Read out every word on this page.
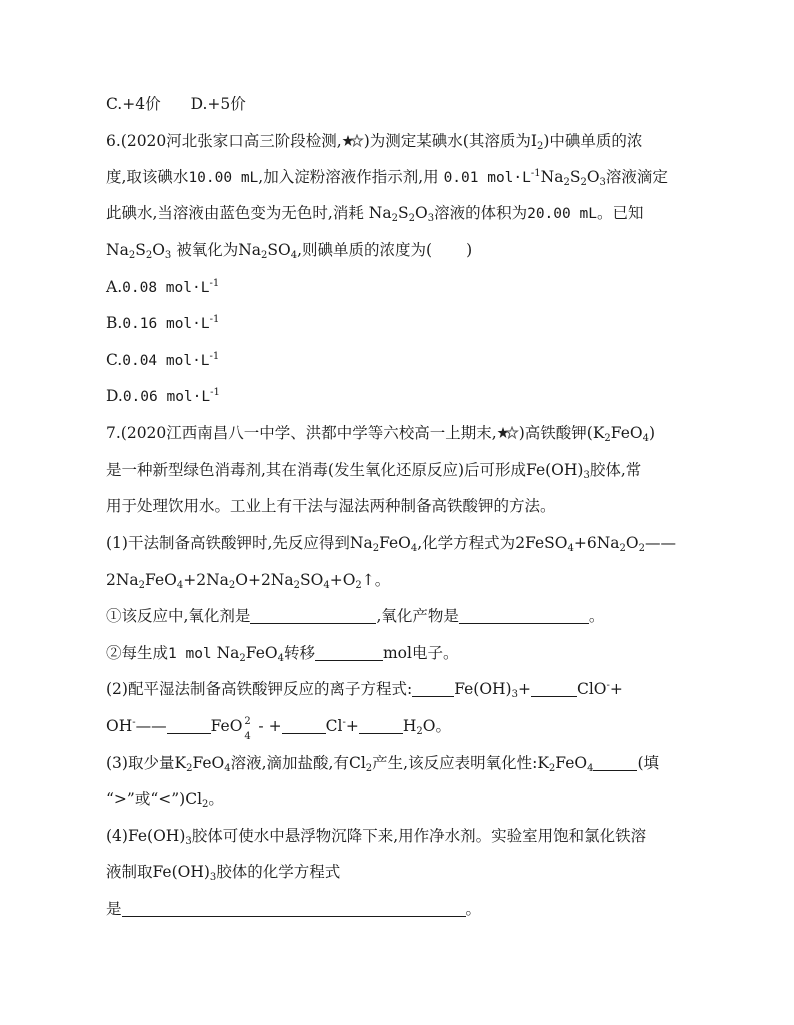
C.+4价 D.+5价
6.(2020河北张家口高三阶段检测, )为测定某碘水(其溶质为$I_2$)中碘单质的浓
度,取该碘水10.00 mL,加入淀粉溶液作指示剂,用 0.01 $mol\cdot L^{-1}Na_2S_2O_3$溶液滴定
此碘水,当溶液由蓝色变为无色时,消耗 $Na_2S_2O_3$溶液的体积为20.00 mL。已知
$Na_2S_2O_3$ 被氧化为$Na_2SO_4$,则碘单质的浓度为( )
A.0.08 $mol\cdot L^{-1}$
B.0.16 $mol\cdot L^{-1}$
C.0.04 $mol\cdot L^{-1}$
D.0.06 $mol\cdot L^{-1}$
7.(2020江西南昌八一中学、洪都中学等六校高一上期末, )高铁酸钾$(K_2FeO_4)$
是一种新型绿色消毒剂,其在消毒(发生氧化还原反应)后可形成$Fe(OH)_3$胶体,常
用于处理饮用水。工业上有干法与湿法两种制备高铁酸钾的方法。
(1)干法制备高铁酸钾时,先反应得到$Na_2FeO_4$,化学方程式为$2FeSO_4+6Na_2O_2——$
$2Na_2FeO_4+2Na_2O+2Na_2SO_4+O_2↑$。
①该反应中,氧化剂是	,氧化产物是	。
②每生成1 mol $Na_2FeO_4$转移	mol电子。
(2)配平湿法制备高铁酸钾反应的离子方程式:	$Fe(OH)_3+$	ClO-+
OH-——	FeO 2
4
- +	Cl-+	$H_2O$。
(3)取少量$K_2FeO_4$溶液,滴加盐酸,有$Cl_2$产生,该反应表明氧化性$:K_2FeO_4$	(填
“>”或“$<”)Cl_2$。
$(4)Fe(OH)_3$胶体可使水中悬浮物沉降下来,用作净水剂。实验室用饱和氯化铁溶
液制取$Fe(OH)_3$胶体的化学方程式
是	。
